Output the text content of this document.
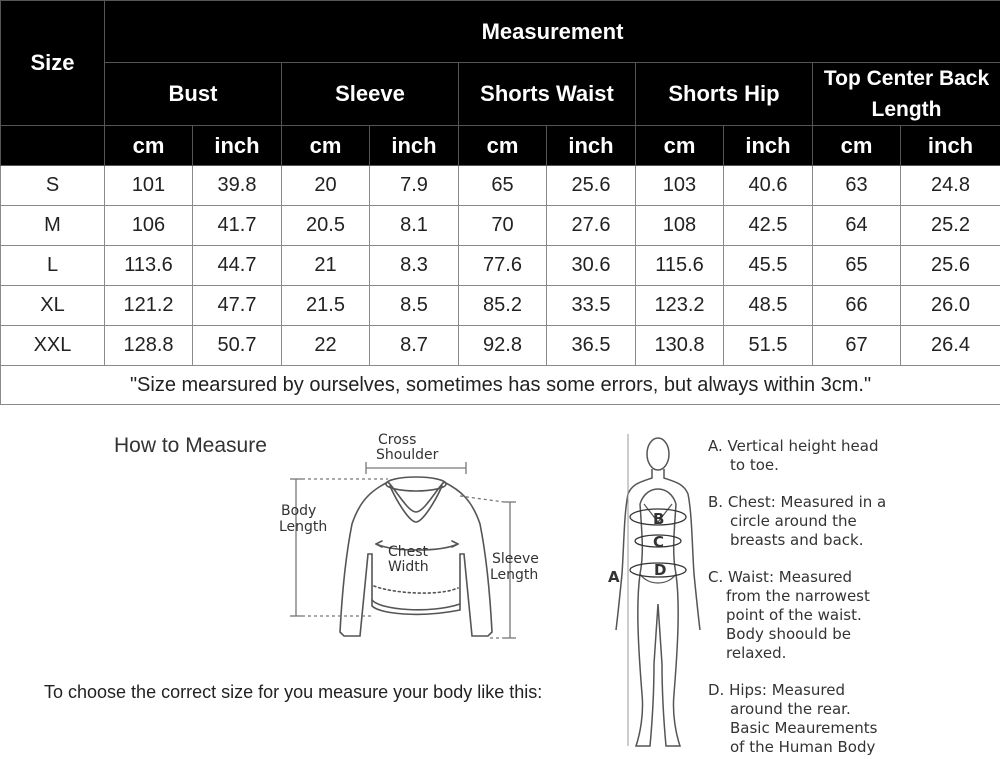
Size	Measurement									
	Bust		Sleeve		Shorts Waist		Shorts Hip		Top Center Back Length	
	cm	inch	cm	inch	cm	inch	cm	inch	cm	inch
S	101	39.8	20	7.9	65	25.6	103	40.6	63	24.8
M	106	41.7	20.5	8.1	70	27.6	108	42.5	64	25.2
L	113.6	44.7	21	8.3	77.6	30.6	115.6	45.5	65	25.6
XL	121.2	47.7	21.5	8.5	85.2	33.5	123.2	48.5	66	26.0
XXL	128.8	50.7	22	8.7	92.8	36.5	130.8	51.5	67	26.4
"Size mearsured by ourselves, sometimes has some errors, but always within 3cm."										
How to Measure
To choose the correct size for you measure your body like this:
Cross
Shoulder
Body
Length
Chest
Width	Sleeve
Length
B
C
D
A
A. Vertical height head
to toe.
B. Chest: Measured in a
circle around the
breasts and back.
C. Waist: Measured
from the narrowest
point of the waist.
Body shoould be
relaxed.
D. Hips: Measured
around the rear.
Basic Meaurements
of the Human Body
